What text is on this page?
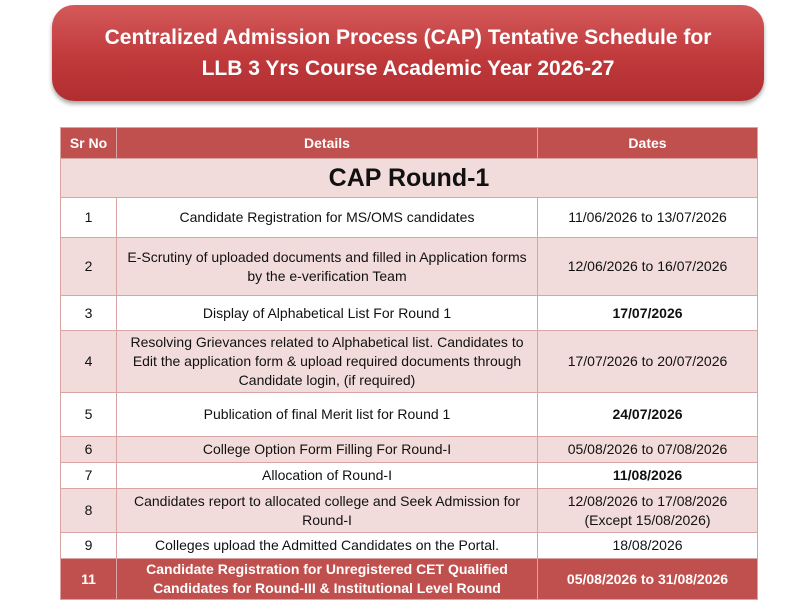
Centralized Admission Process (CAP) Tentative Schedule for
LLB 3 Yrs Course Academic Year 2026-27
Sr No	Details	Dates
CAP Round-1		
1	Candidate Registration for MS/OMS candidates	11/06/2026 to 13/07/2026
2	E-Scrutiny of uploaded documents and filled in Application forms by the e-verification Team	12/06/2026 to 16/07/2026
3	Display of Alphabetical List For Round 1	17/07/2026
4	Resolving Grievances related to Alphabetical list. Candidates to Edit the application form & upload required documents through Candidate login, (if required)	17/07/2026 to 20/07/2026
5	Publication of final Merit list for Round 1	24/07/2026
6	College Option Form Filling For Round-I	05/08/2026 to 07/08/2026
7	Allocation of Round-I	11/08/2026
8	Candidates report to allocated college and Seek Admission for Round-I	12/08/2026 to 17/08/2026
(Except 15/08/2026)

9	Colleges upload the Admitted Candidates on the Portal.	18/08/2026
11	Candidate Registration for Unregistered CET Qualified Candidates for Round-III & Institutional Level Round	05/08/2026 to 31/08/2026
